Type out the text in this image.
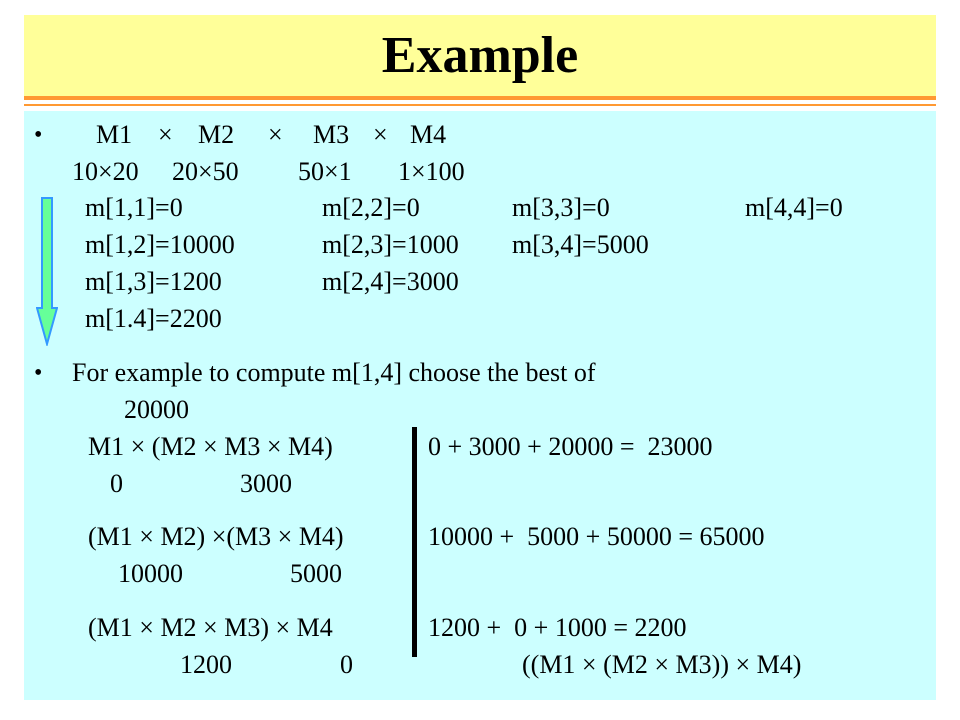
Example
• M1 × M2 × M3 × M4
10×20 20×50 50×1 1×100
m[1,1]=0	m[2,2]=0	m[3,3]=0	m[4,4]=0
m[1,2]=10000	m[2,3]=1000 m[3,4]=5000
m[1,3]=1200	m[2,4]=3000
m[1.4]=2200
• For example to compute m[1,4] choose the best of
20000
M1 × (M2 × M3 × M4)	0 + 3000 + 20000 =  23000
0	3000
(M1 × M2) ×(M3 × M4)	10000 +  5000 + 50000 = 65000
10000	5000
(M1 × M2 × M3) × M4	1200 +  0 + 1000 = 2200
1200	0	((M1 × (M2 × M3)) × M4)
